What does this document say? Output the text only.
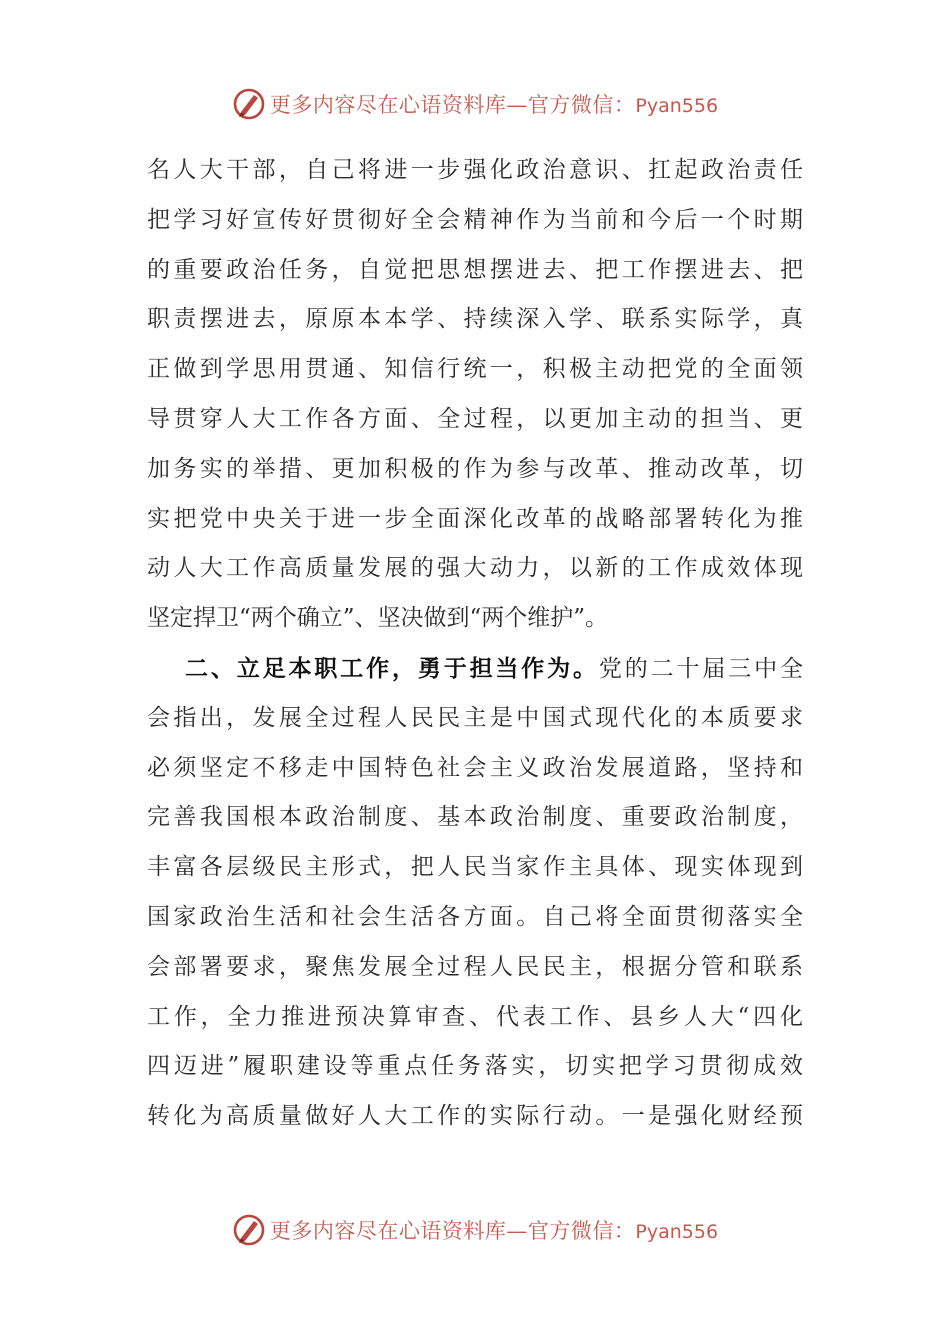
更多内容尽在心语资料库—官方微信：Pyan556
名人大干部，自己将进一步强化政治意识、扛起政治责任
把学习好宣传好贯彻好全会精神作为当前和今后一个时期
的重要政治任务，自觉把思想摆进去、把工作摆进去、把
职责摆进去，原原本本学、持续深入学、联系实际学，真
正做到学思用贯通、知信行统一，积极主动把党的全面领
导贯穿人大工作各方面、全过程，以更加主动的担当、更
加务实的举措、更加积极的作为参与改革、推动改革，切
实把党中央关于进一步全面深化改革的战略部署转化为推
动人大工作高质量发展的强大动力，以新的工作成效体现
坚定捍卫“两个确立”、坚决做到“两个维护”。
二、立足本职工作，勇于担当作为。党的二十届三中全
会指出，发展全过程人民民主是中国式现代化的本质要求
必须坚定不移走中国特色社会主义政治发展道路，坚持和
完善我国根本政治制度、基本政治制度、重要政治制度，
丰富各层级民主形式，把人民当家作主具体、现实体现到
国家政治生活和社会生活各方面。自己将全面贯彻落实全
会部署要求，聚焦发展全过程人民民主，根据分管和联系
工作，全力推进预决算审查、代表工作、县乡人大“四化
四迈进”履职建设等重点任务落实，切实把学习贯彻成效
转化为高质量做好人大工作的实际行动。一是强化财经预
更多内容尽在心语资料库—官方微信：Pyan556
